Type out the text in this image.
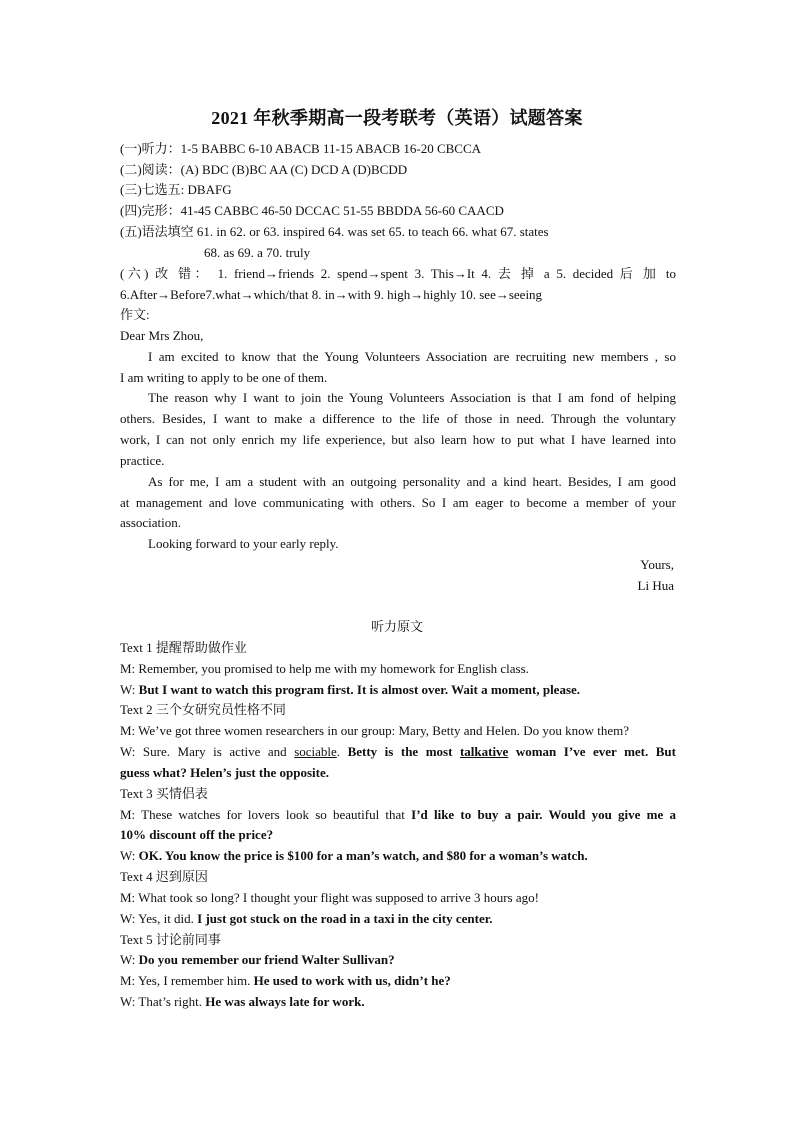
2021 年秋季期高一段考联考（英语）试题答案
(一)听力：1-5 BABBC 6-10 ABACB 11-15 ABACB 16-20 CBCCA
(二)阅读：(A) BDC (B)BC AA (C) DCD A (D)BCDD
(三)七选五: DBAFG
(四)完形：41-45 CABBC 46-50 DCCAC 51-55 BBDDA 56-60 CAACD
(五)语法填空 61. in 62. or 63. inspired 64. was set 65. to teach 66. what 67. states
68. as 69. a 70. truly
(六) 改 错： 1. friend→friends 2. spend→spent 3. This→It 4. 去 掉 a 5. decided 后 加 to
6.After→Before7.what→which/that 8. in→with 9. high→highly 10. see→seeing
作文:
Dear Mrs Zhou,
I am excited to know that the Young Volunteers Association are recruiting new members , so
I am writing to apply to be one of them.
The reason why I want to join the Young Volunteers Association is that I am fond of helping
others. Besides, I want to make a difference to the life of those in need. Through the voluntary
work, I can not only enrich my life experience, but also learn how to put what I have learned into
practice.
As for me, I am a student with an outgoing personality and a kind heart. Besides, I am good
at management and love communicating with others. So I am eager to become a member of your
association.
Looking forward to your early reply.
Yours,
Li Hua
听力原文
Text 1 提醒帮助做作业
M: Remember, you promised to help me with my homework for English class.
W: But I want to watch this program first. It is almost over. Wait a moment, please.
Text 2 三个女研究员性格不同
M: We’ve got three women researchers in our group: Mary, Betty and Helen. Do you know them?
W: Sure. Mary is active and sociable. Betty is the most talkative woman I’ve ever met. But
guess what? Helen’s just the opposite.
Text 3 买情侣表
M: These watches for lovers look so beautiful that I’d like to buy a pair. Would you give me a
10% discount off the price?
W: OK. You know the price is $100 for a man’s watch, and $80 for a woman’s watch.
Text 4 迟到原因
M: What took so long? I thought your flight was supposed to arrive 3 hours ago!
W: Yes, it did. I just got stuck on the road in a taxi in the city center.
Text 5 讨论前同事
W: Do you remember our friend Walter Sullivan?
M: Yes, I remember him. He used to work with us, didn’t he?
W: That’s right. He was always late for work.
